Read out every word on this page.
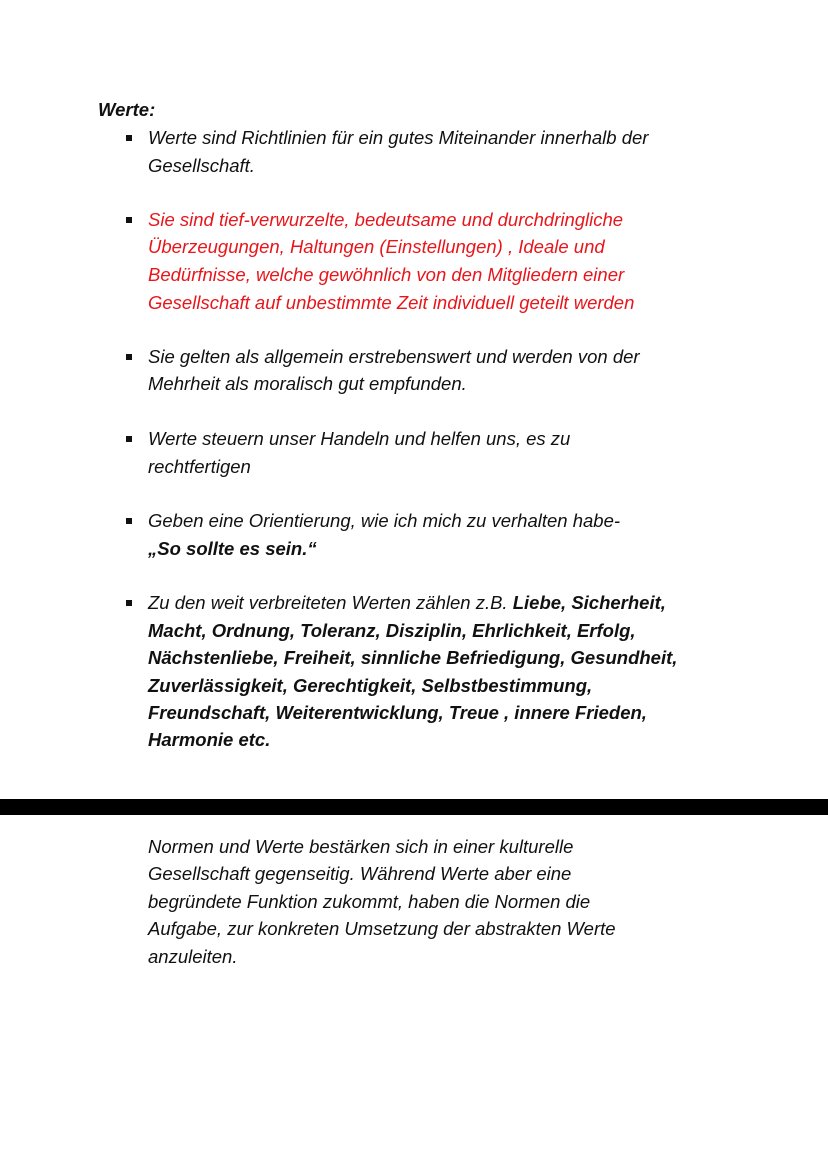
Werte:
Werte sind Richtlinien für ein gutes Miteinander innerhalb der
Gesellschaft.
Sie sind tief-verwurzelte, bedeutsame und durchdringliche
Überzeugungen, Haltungen (Einstellungen) , Ideale und
Bedürfnisse, welche gewöhnlich von den Mitgliedern einer
Gesellschaft auf unbestimmte Zeit individuell geteilt werden
Sie gelten als allgemein erstrebenswert und werden von der
Mehrheit als moralisch gut empfunden.
Werte steuern unser Handeln und helfen uns, es zu
rechtfertigen
Geben eine Orientierung, wie ich mich zu verhalten habe-
„So sollte es sein.“
Zu den weit verbreiteten Werten zählen z.B. Liebe, Sicherheit,
Macht, Ordnung, Toleranz, Disziplin, Ehrlichkeit, Erfolg,
Nächstenliebe, Freiheit, sinnliche Befriedigung, Gesundheit,
Zuverlässigkeit, Gerechtigkeit, Selbstbestimmung,
Freundschaft, Weiterentwicklung, Treue , innere Frieden,
Harmonie etc.
Normen und Werte bestärken sich in einer kulturelle
Gesellschaft gegenseitig. Während Werte aber eine
begründete Funktion zukommt, haben die Normen die
Aufgabe, zur konkreten Umsetzung der abstrakten Werte
anzuleiten.
